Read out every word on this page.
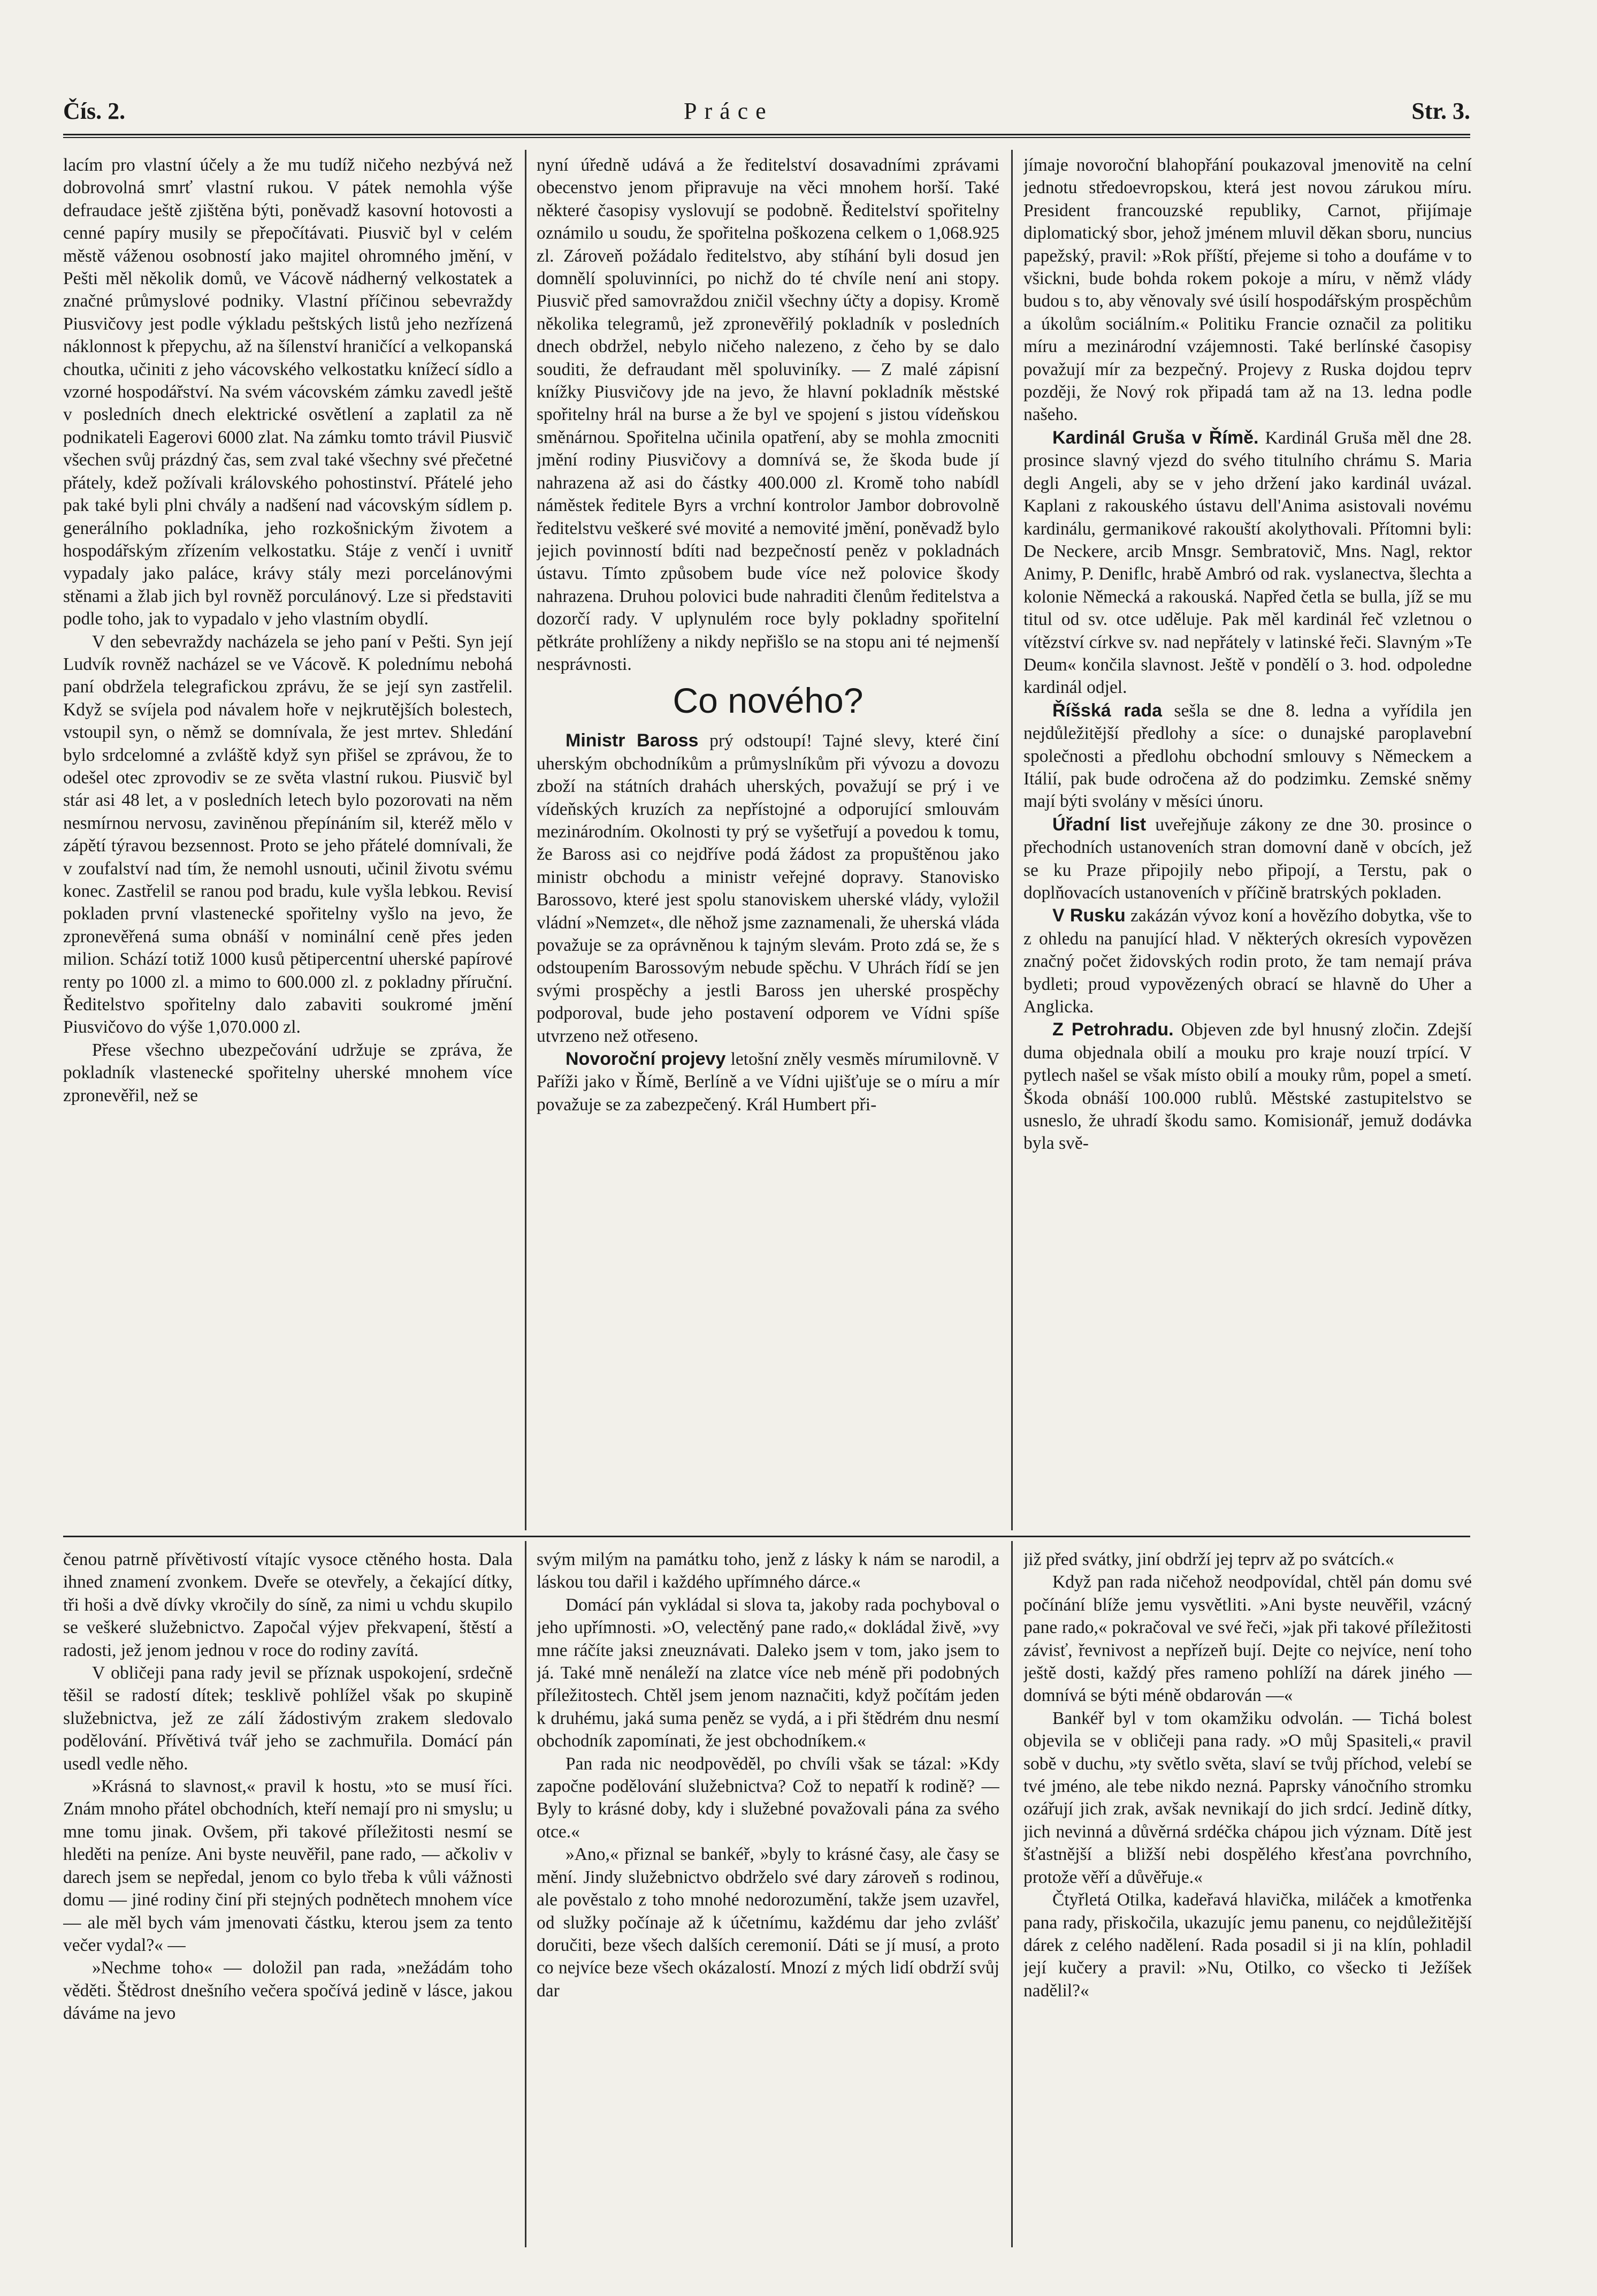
Čís. 2.	Práce	Str. 3.

lacím pro vlastní účely a že mu tudíž ničeho nezbývá než dobrovolná smrť vlastní rukou. V pátek nemohla výše defraudace ještě zjištěna býti, poněvadž kasovní hotovosti a cenné papíry musily se přepočítávati. Piusvič byl v celém městě váženou osobností jako majitel ohromného jmění, v Pešti měl několik domů, ve Vácově nádherný velkostatek a značné průmyslové podniky. Vlastní příčinou sebevraždy Piusvičovy jest podle výkladu peštských listů jeho nezřízená náklonnost k přepychu, až na šílenství hraničící a velkopanská choutka, učiniti z jeho vácovského velkostatku knížecí sídlo a vzorné hospodářství. Na svém vácovském zámku zavedl ještě v posledních dnech elektrické osvětlení a zaplatil za ně podnikateli Eagerovi 6000 zlat. Na zámku tomto trávil Piusvič všechen svůj prázdný čas, sem zval také všechny své přečetné přátely, kdež požívali královského pohostinství. Přátelé jeho pak také byli plni chvály a nadšení nad vácovským sídlem p. generálního pokladníka, jeho rozkošnickým životem a hospodářským zřízením velkostatku. Stáje z venčí i uvnitř vypadaly jako paláce, krávy stály mezi porcelánovými stěnami a žlab jich byl rovněž porculánový. Lze si představiti podle toho, jak to vypadalo v jeho vlastním obydlí.

V den sebevraždy nacházela se jeho paní v Pešti. Syn její Ludvík rovněž nacházel se ve Vácově. K polednímu nebohá paní obdržela telegrafickou zprávu, že se její syn zastřelil. Když se svíjela pod návalem hoře v nejkrutějších bolestech, vstoupil syn, o němž se domnívala, že jest mrtev. Shledání bylo srdcelomné a zvláště když syn přišel se zprávou, že to odešel otec zprovodiv se ze světa vlastní rukou. Piusvič byl stár asi 48 let, a v posledních letech bylo pozorovati na něm nesmírnou nervosu, zaviněnou přepínáním sil, kteréž mělo v zápětí týravou bezsennost. Proto se jeho přátelé domnívali, že v zoufalství nad tím, že nemohl usnouti, učinil životu svému konec. Zastřelil se ranou pod bradu, kule vyšla lebkou. Revisí pokladen první vlastenecké spořitelny vyšlo na jevo, že zpronevěřená suma obnáší v nominální ceně přes jeden milion. Schází totiž 1000 kusů pětipercentní uherské papírové renty po 1000 zl. a mimo to 600.000 zl. z pokladny příruční. Ředitelstvo spořitelny dalo zabaviti soukromé jmění Piusvičovo do výše 1,070.000 zl.

Přese všechno ubezpečování udržuje se zpráva, že pokladník vlastenecké spořitelny uherské mnohem více zpronevěřil, než se

nyní úředně udává a že ředitelství dosavadními zprávami obecenstvo jenom připravuje na věci mnohem horší. Také některé časopisy vyslovují se podobně. Ředitelství spořitelny oznámilo u soudu, že spořitelna poškozena celkem o 1,068.925 zl. Zároveň požádalo ředitelstvo, aby stíhání byli dosud jen domnělí spoluvinníci, po nichž do té chvíle není ani stopy. Piusvič před samovraždou zničil všechny účty a dopisy. Kromě několika telegramů, jež zpronevěřilý pokladník v posledních dnech obdržel, nebylo ničeho nalezeno, z čeho by se dalo souditi, že defraudant měl spoluviníky. — Z malé zápisní knížky Piusvičovy jde na jevo, že hlavní pokladník městské spořitelny hrál na burse a že byl ve spojení s jistou vídeňskou směnárnou. Spořitelna učinila opatření, aby se mohla zmocniti jmění rodiny Piusvičovy a domnívá se, že škoda bude jí nahrazena až asi do částky 400.000 zl. Kromě toho nabídl náměstek ředitele Byrs a vrchní kontrolor Jambor dobrovolně ředitelstvu veškeré své movité a nemovité jmění, poněvadž bylo jejich povinností bdíti nad bezpečností peněz v pokladnách ústavu. Tímto způsobem bude více než polovice škody nahrazena. Druhou polovici bude nahraditi členům ředitelstva a dozorčí rady. V uplynulém roce byly pokladny spořitelní pětkráte prohlíženy a nikdy nepřišlo se na stopu ani té nejmenší nesprávnosti.

Co nového?

Ministr Baross prý odstoupí! Tajné slevy, které činí uherským obchodníkům a průmyslníkům při vývozu a dovozu zboží na státních drahách uherských, považují se prý i ve vídeňských kruzích za nepřístojné a odporující smlouvám mezinárodním. Okolnosti ty prý se vyšetřují a povedou k tomu, že Baross asi co nejdříve podá žádost za propuštěnou jako ministr obchodu a ministr veřejné dopravy. Stanovisko Barossovo, které jest spolu stanoviskem uherské vlády, vyložil vládní »Nemzet«, dle něhož jsme zaznamenali, že uherská vláda považuje se za oprávněnou k tajným slevám. Proto zdá se, že s odstoupením Barossovým nebude spěchu. V Uhrách řídí se jen svými prospěchy a jestli Baross jen uherské prospěchy podporoval, bude jeho postavení odporem ve Vídni spíše utvrzeno než otřeseno.

Novoroční projevy letošní zněly vesměs mírumilovně. V Paříži jako v Římě, Berlíně a ve Vídni ujišťuje se o míru a mír považuje se za zabezpečený. Král Humbert při-

jímaje novoroční blahopřání poukazoval jmenovitě na celní jednotu středoevropskou, která jest novou zárukou míru. President francouzské republiky, Carnot, přijímaje diplomatický sbor, jehož jménem mluvil děkan sboru, nuncius papežský, pravil: »Rok příští, přejeme si toho a doufáme v to všickni, bude bohda rokem pokoje a míru, v němž vlády budou s to, aby věnovaly své úsilí hospodářským prospěchům a úkolům sociálním.« Politiku Francie označil za politiku míru a mezinárodní vzájemnosti. Také berlínské časopisy považují mír za bezpečný. Projevy z Ruska dojdou teprv později, že Nový rok připadá tam až na 13. ledna podle našeho.

Kardinál Gruša v Římě. Kardinál Gruša měl dne 28. prosince slavný vjezd do svého titulního chrámu S. Maria degli Angeli, aby se v jeho držení jako kardinál uvázal. Kaplani z rakouského ústavu dell'Anima asistovali novému kardinálu, germanikové rakouští akolythovali. Přítomni byli: De Neckere, arcib Mnsgr. Sembratovič, Mns. Nagl, rektor Animy, P. Deniflc, hrabě Ambró od rak. vyslanectva, šlechta a kolonie Německá a rakouská. Napřed četla se bulla, jíž se mu titul od sv. otce uděluje. Pak měl kardinál řeč vzletnou o vítězství církve sv. nad nepřátely v latinské řeči. Slavným »Te Deum« končila slavnost. Ještě v pondělí o 3. hod. odpoledne kardinál odjel.

Říšská rada sešla se dne 8. ledna a vyřídila jen nejdůležitější předlohy a síce: o dunajské paroplavební společnosti a předlohu obchodní smlouvy s Německem a Itálií, pak bude odročena až do podzimku. Zemské sněmy mají býti svolány v měsíci únoru.

Úřadní list uveřejňuje zákony ze dne 30. prosince o přechodních ustanoveních stran domovní daně v obcích, jež se ku Praze připojily nebo připojí, a Terstu, pak o doplňovacích ustanoveních v příčině bratrských pokladen.

V Rusku zakázán vývoz koní a hovězího dobytka, vše to z ohledu na panující hlad. V některých okresích vypovězen značný počet židovských rodin proto, že tam nemají práva bydleti; proud vypovězených obrací se hlavně do Uher a Anglicka.

Z Petrohradu. Objeven zde byl hnusný zločin. Zdejší duma objednala obilí a mouku pro kraje nouzí trpící. V pytlech našel se však místo obilí a mouky rům, popel a smetí. Škoda obnáší 100.000 rublů. Městské zastupitelstvo se usneslo, že uhradí škodu samo. Komisionář, jemuž dodávka byla svě-

čenou patrně přívětivostí vítajíc vysoce ctěného hosta. Dala ihned znamení zvonkem. Dveře se otevřely, a čekající dítky, tři hoši a dvě dívky vkročily do síně, za nimi u vchdu skupilo se veškeré služebnictvo. Započal výjev překvapení, štěstí a radosti, jež jenom jednou v roce do rodiny zavítá.

V obličeji pana rady jevil se příznak uspokojení, srdečně těšil se radostí dítek; tesklivě pohlížel však po skupině služebnictva, jež ze zálí žádostivým zrakem sledovalo podělování. Přívětivá tvář jeho se zachmuřila. Domácí pán usedl vedle něho.

»Krásná to slavnost,« pravil k hostu, »to se musí říci. Znám mnoho přátel obchodních, kteří nemají pro ni smyslu; u mne tomu jinak. Ovšem, při takové příležitosti nesmí se hleděti na peníze. Ani byste neuvěřil, pane rado, — ačkoliv v darech jsem se nepředal, jenom co bylo třeba k vůli vážnosti domu — jiné rodiny činí při stejných podnětech mnohem více — ale měl bych vám jmenovati částku, kterou jsem za tento večer vydal?« —

»Nechme toho« — doložil pan rada, »nežádám toho věděti. Štědrost dnešního večera spočívá jedině v lásce, jakou dáváme na jevo

svým milým na památku toho, jenž z lásky k nám se narodil, a láskou tou dařil i každého upřímného dárce.«

Domácí pán vykládal si slova ta, jakoby rada pochyboval o jeho upřímnosti. »O, velectěný pane rado,« dokládal živě, »vy mne ráčíte jaksi zneuznávati. Daleko jsem v tom, jako jsem to já. Také mně nenáleží na zlatce více neb méně při podobných příležitostech. Chtěl jsem jenom naznačiti, když počítám jeden k druhému, jaká suma peněz se vydá, a i při štědrém dnu nesmí obchodník zapomínati, že jest obchodníkem.«

Pan rada nic neodpověděl, po chvíli však se tázal: »Kdy započne podělování služebnictva? Což to nepatří k rodině? — Byly to krásné doby, kdy i služebné považovali pána za svého otce.«

»Ano,« přiznal se bankéř, »byly to krásné časy, ale časy se mění. Jindy služebnictvo obdrželo své dary zároveň s rodinou, ale pověstalo z toho mnohé nedorozumění, takže jsem uzavřel, od služky počínaje až k účetnímu, každému dar jeho zvlášť doručiti, beze všech dalších ceremonií. Dáti se jí musí, a proto co nejvíce beze všech okázalostí. Mnozí z mých lidí obdrží svůj dar

již před svátky, jiní obdrží jej teprv až po svátcích.«

Když pan rada ničehož neodpovídal, chtěl pán domu své počínání blíže jemu vysvětliti. »Ani byste neuvěřil, vzácný pane rado,« pokračoval ve své řeči, »jak při takové příležitosti závisť, řevnivost a nepřízeň bují. Dejte co nejvíce, není toho ještě dosti, každý přes rameno pohlíží na dárek jiného — domnívá se býti méně obdarován —«

Bankéř byl v tom okamžiku odvolán. — Tichá bolest objevila se v obličeji pana rady. »O můj Spasiteli,« pravil sobě v duchu, »ty světlo světa, slaví se tvůj příchod, velebí se tvé jméno, ale tebe nikdo nezná. Paprsky vánočního stromku ozářují jich zrak, avšak nevnikají do jich srdcí. Jedině dítky, jich nevinná a důvěrná srdéčka chápou jich význam. Dítě jest šťastnější a bližší nebi dospělého křesťana povrchního, protože věří a důvěřuje.«

Čtyřletá Otilka, kadeřavá hlavička, miláček a kmotřenka pana rady, přiskočila, ukazujíc jemu panenu, co nejdůležitější dárek z celého nadělení. Rada posadil si ji na klín, pohladil její kučery a pravil: »Nu, Otilko, co všecko ti Ježíšek nadělil?«
